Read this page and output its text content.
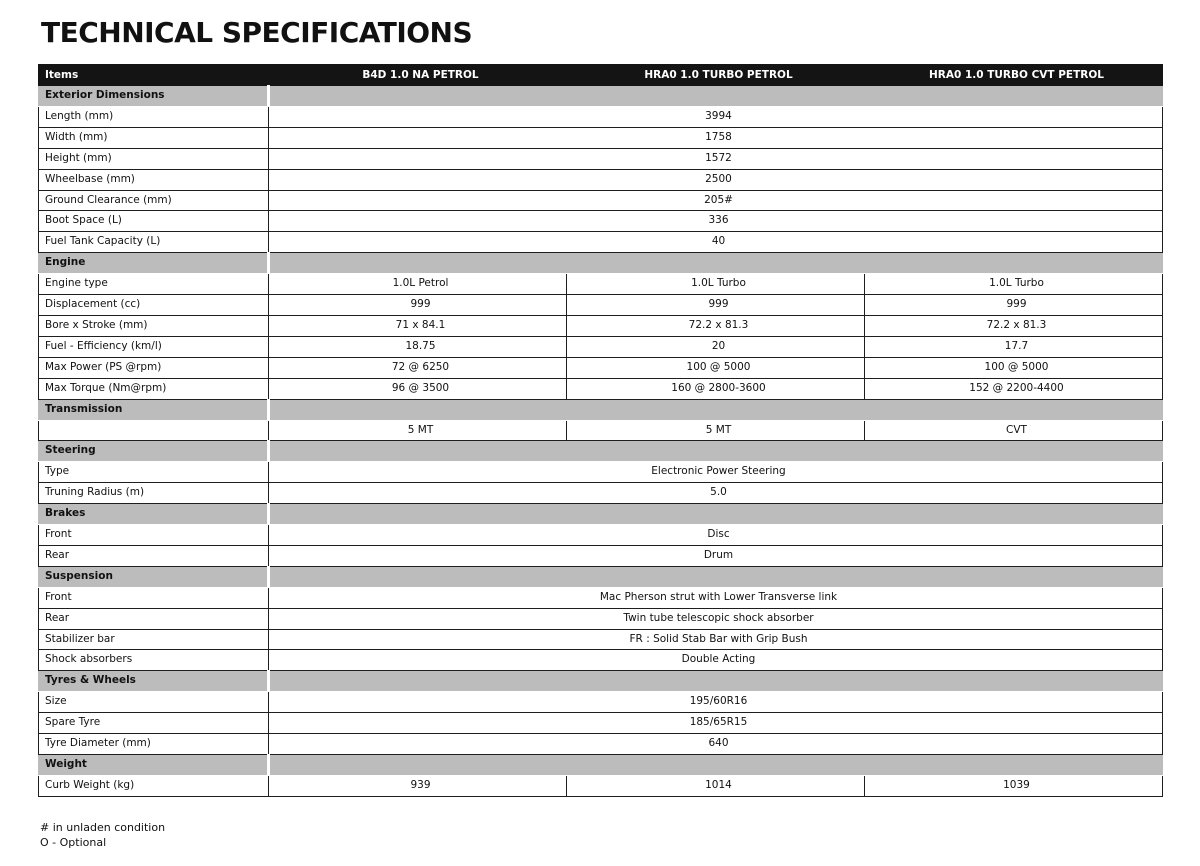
TECHNICAL SPECIFICATIONS
Items	B4D 1.0 NA PETROL	HRA0 1.0 TURBO PETROL	HRA0 1.0 TURBO CVT PETROL
Exterior Dimensions			
Length (mm)	3994		
Width (mm)	1758		
Height (mm)	1572		
Wheelbase (mm)	2500		
Ground Clearance (mm)	205#		
Boot Space (L)	336		
Fuel Tank Capacity (L)	40		
Engine			
Engine type	1.0L Petrol	1.0L Turbo	1.0L Turbo
Displacement (cc)	999	999	999
Bore x Stroke (mm)	71 x 84.1	72.2 x 81.3	72.2 x 81.3
Fuel - Efficiency (km/l)	18.75	20	17.7
Max Power (PS @rpm)	72 @ 6250	100 @ 5000	100 @ 5000
Max Torque (Nm@rpm)	96 @ 3500	160 @ 2800-3600	152 @ 2200-4400
Transmission			
	5 MT	5 MT	CVT
Steering			
Type	Electronic Power Steering		
Truning Radius (m)	5.0		
Brakes			
Front	Disc		
Rear	Drum		
Suspension			
Front	Mac Pherson strut with Lower Transverse link		
Rear	Twin tube telescopic shock absorber		
Stabilizer bar	FR : Solid Stab Bar with Grip Bush		
Shock absorbers	Double Acting		
Tyres & Wheels			
Size	195/60R16		
Spare Tyre	185/65R15		
Tyre Diameter (mm)	640		
Weight			
Curb Weight (kg)	939	1014	1039
# in unladen condition
O - Optional
